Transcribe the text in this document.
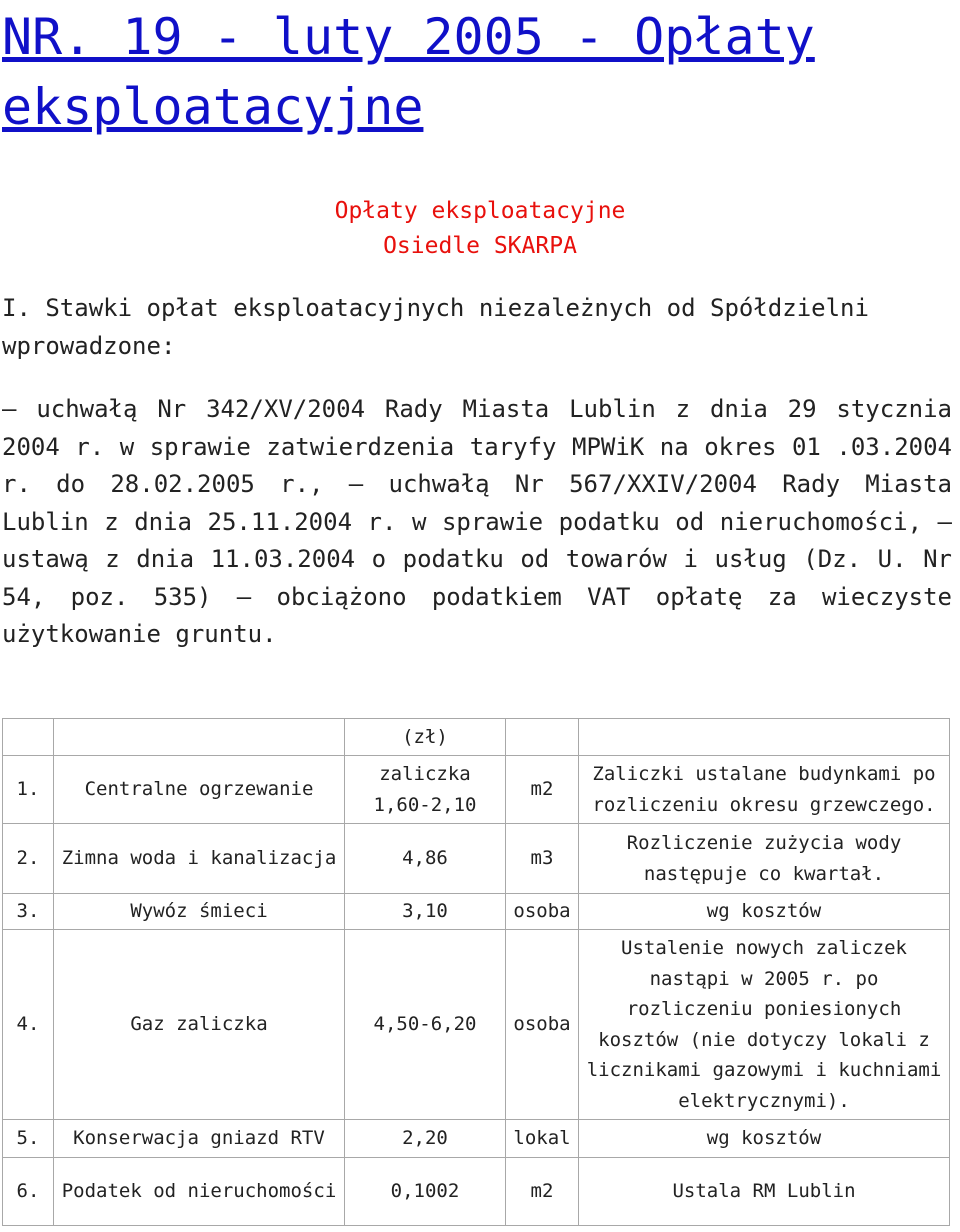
NR. 19 - luty 2005 - Opłaty eksploatacyjne
Opłaty eksploatacyjne
Osiedle SKARPA

I. Stawki opłat eksploatacyjnych niezależnych od Spółdzielni wprowadzone:

– uchwałą Nr 342/XV/2004 Rady Miasta Lublin z dnia 29 stycznia 2004 r. w sprawie zatwierdzenia taryfy MPWiK na okres 01 .03.2004 r. do 28.02.2005 r., – uchwałą Nr 567/XXIV/2004 Rady Miasta Lublin z dnia 25.11.2004 r. w sprawie podatku od nieruchomości, – ustawą z dnia 11.03.2004 o podatku od towarów i usług (Dz. U. Nr 54, poz. 535) – obciążono podatkiem VAT opłatę za wieczyste użytkowanie gruntu.

		(zł)		
1.	Centralne ogrzewanie	zaliczka 1,60-2,10	m2	Zaliczki ustalane budynkami po rozliczeniu okresu grzewczego.
2.	Zimna woda i kanalizacja	4,86	m3	Rozliczenie zużycia wody następuje co kwartał.
3.	Wywóz śmieci	3,10	osoba	wg kosztów
4.	Gaz zaliczka	4,50-6,20	osoba	Ustalenie nowych zaliczek nastąpi w 2005 r. po rozliczeniu poniesionych kosztów (nie dotyczy lokali z licznikami gazowymi i kuchniami elektrycznymi).
5.	Konserwacja gniazd RTV	2,20	lokal	wg kosztów
6.	Podatek od nieruchomości	0,1002	m2	Ustala RM Lublin
